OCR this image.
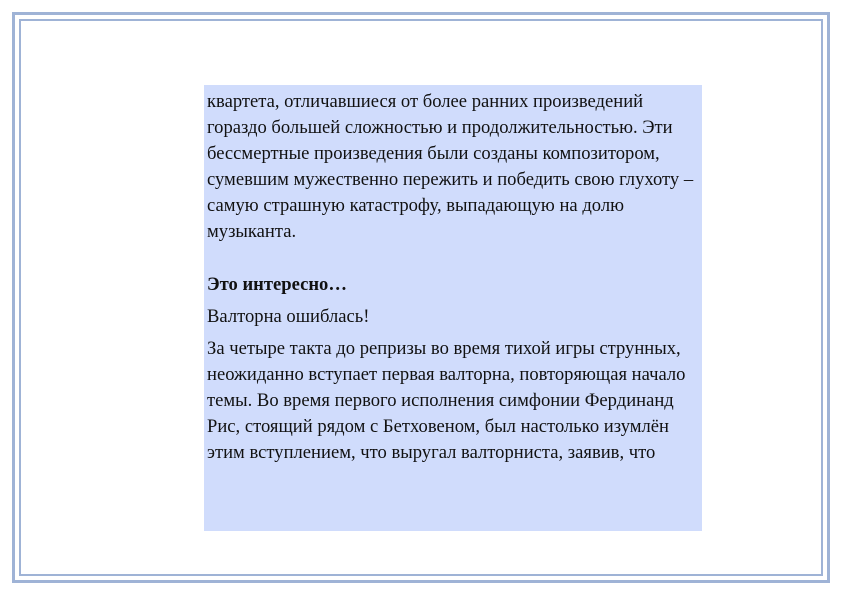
квартета, отличавшиеся от более ранних произведений гораздо большей сложностью и продолжительностью. Эти бессмертные произведения были созданы композитором, сумевшим мужественно пережить и победить свою глухоту – самую страшную катастрофу, выпадающую на долю музыканта.

Это интересно…

Валторна ошиблась!

За четыре такта до репризы во время тихой игры струнных, неожиданно вступает первая валторна, повторяющая начало темы. Во время первого исполнения симфонии Фердинанд Рис, стоящий рядом с Бетховеном, был настолько изумлён этим вступлением, что выругал валторниста, заявив, что
